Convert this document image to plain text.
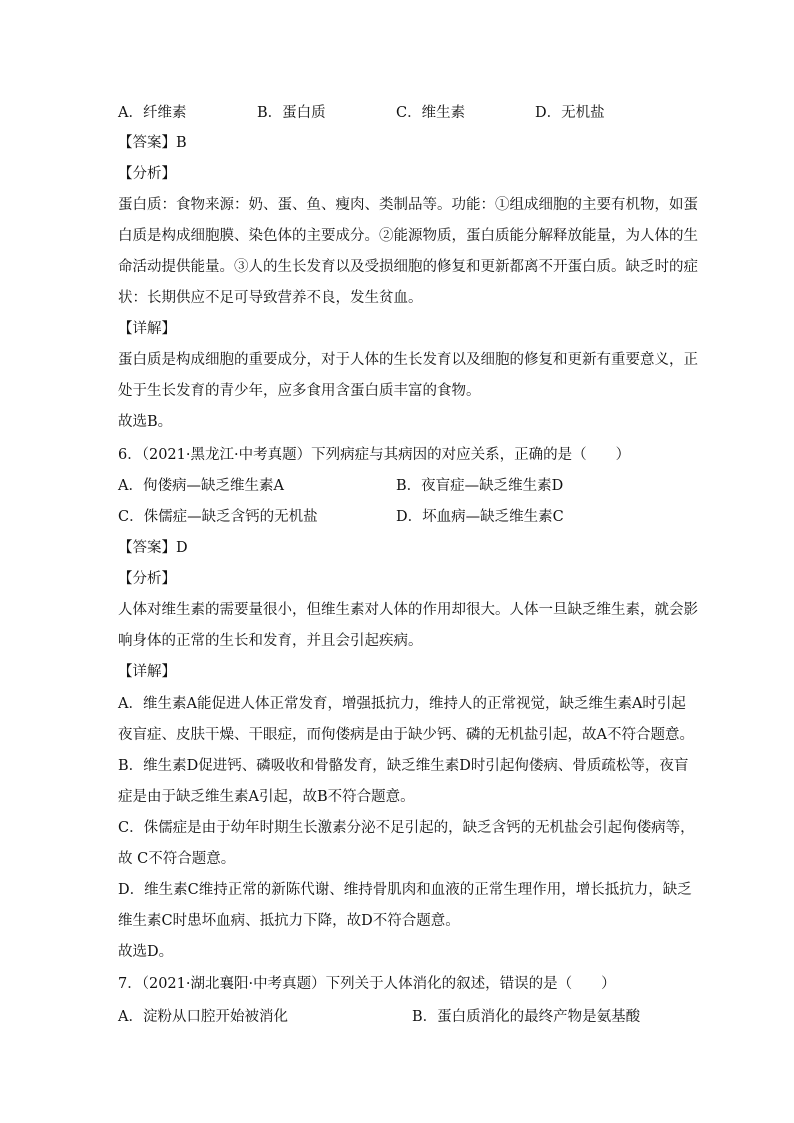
A．纤维素	B．蛋白质	C．维生素	D．无机盐
【答案】B
【分析】
蛋白质：食物来源：奶、蛋、鱼、瘦肉、类制品等。功能：①组成细胞的主要有机物，如蛋
白质是构成细胞膜、染色体的主要成分。②能源物质，蛋白质能分解释放能量，为人体的生
命活动提供能量。③人的生长发育以及受损细胞的修复和更新都离不开蛋白质。缺乏时的症
状：长期供应不足可导致营养不良，发生贫血。
【详解】
蛋白质是构成细胞的重要成分，对于人体的生长发育以及细胞的修复和更新有重要意义，正
处于生长发育的青少年，应多食用含蛋白质丰富的食物。
故选B。
6．（2021·黑龙江·中考真题）下列病症与其病因的对应关系，正确的是（　　）
A．佝偻病—缺乏维生素A	B．夜盲症—缺乏维生素D
C．侏儒症—缺乏含钙的无机盐	D．坏血病—缺乏维生素C
【答案】D
【分析】
人体对维生素的需要量很小，但维生素对人体的作用却很大。人体一旦缺乏维生素，就会影
响身体的正常的生长和发育，并且会引起疾病。
【详解】
A．维生素A能促进人体正常发育，增强抵抗力，维持人的正常视觉，缺乏维生素A时引起
夜盲症、皮肤干燥、干眼症，而佝偻病是由于缺少钙、磷的无机盐引起，故A不符合题意。
B．维生素D促进钙、磷吸收和骨骼发育，缺乏维生素D时引起佝偻病、骨质疏松等，夜盲
症是由于缺乏维生素A引起，故B不符合题意。
C．侏儒症是由于幼年时期生长激素分泌不足引起的，缺乏含钙的无机盐会引起佝偻病等，
故 C不符合题意。
D．维生素C维持正常的新陈代谢、维持骨肌肉和血液的正常生理作用，增长抵抗力，缺乏
维生素C时患坏血病、抵抗力下降，故D不符合题意。
故选D。
7．（2021·湖北襄阳·中考真题）下列关于人体消化的叙述，错误的是（　　）
A．淀粉从口腔开始被消化	B．蛋白质消化的最终产物是氨基酸
